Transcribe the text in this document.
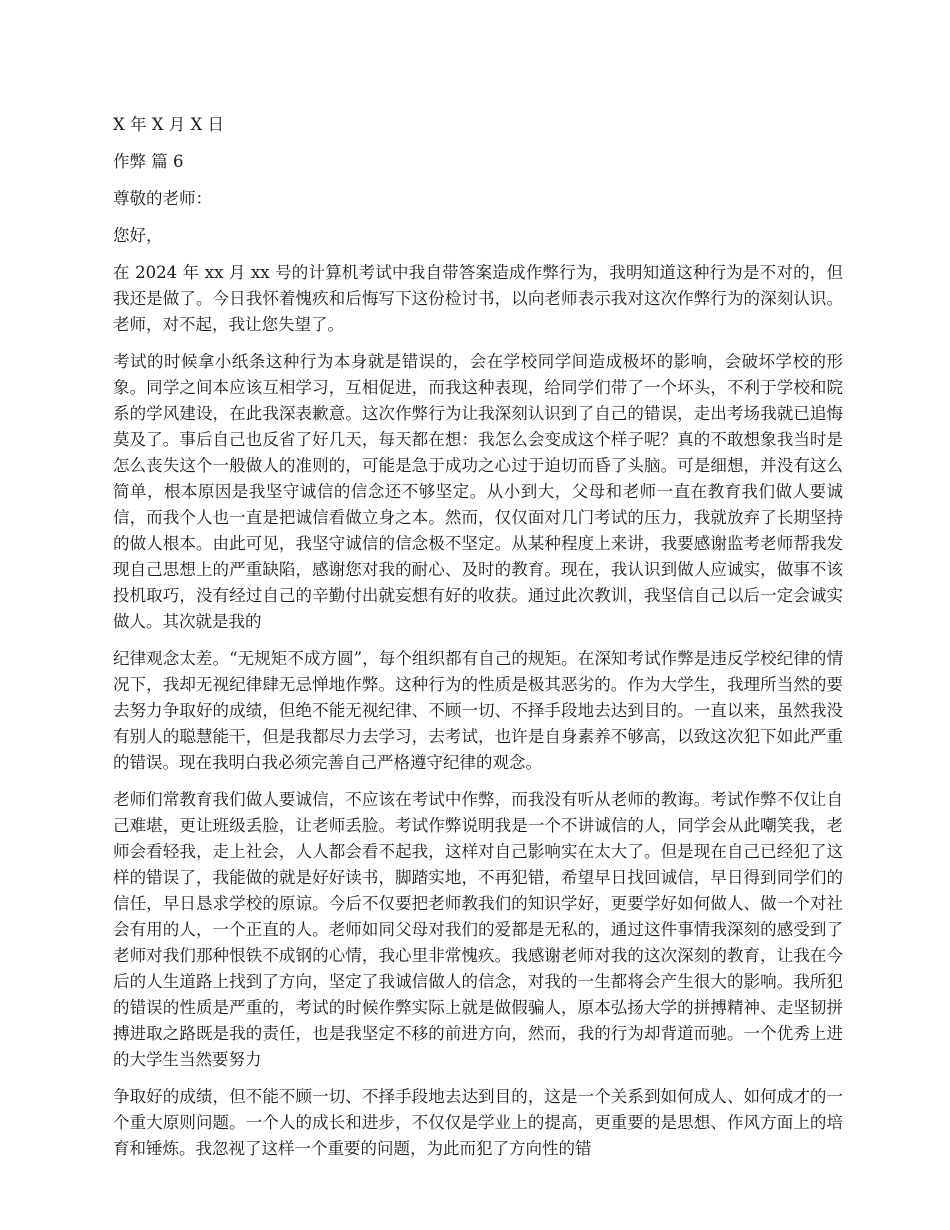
X 年 X 月 X 日
作弊 篇 6
尊敬的老师：
您好，

在 2024 年 xx 月 xx 号的计算机考试中我自带答案造成作弊行为，我明知道这种行为是不对的，但我还是做了。今日我怀着愧疚和后悔写下这份检讨书，以向老师表示我对这次作弊行为的深刻认识。老师，对不起，我让您失望了。

考试的时候拿小纸条这种行为本身就是错误的，会在学校同学间造成极坏的影响，会破坏学校的形象。同学之间本应该互相学习，互相促进，而我这种表现，给同学们带了一个坏头，不利于学校和院系的学风建设，在此我深表歉意。这次作弊行为让我深刻认识到了自己的错误，走出考场我就已追悔莫及了。事后自己也反省了好几天，每天都在想：我怎么会变成这个样子呢？真的不敢想象我当时是怎么丧失这个一般做人的准则的，可能是急于成功之心过于迫切而昏了头脑。可是细想，并没有这么简单，根本原因是我坚守诚信的信念还不够坚定。从小到大，父母和老师一直在教育我们做人要诚信，而我个人也一直是把诚信看做立身之本。然而，仅仅面对几门考试的压力，我就放弃了长期坚持的做人根本。由此可见，我坚守诚信的信念极不坚定。从某种程度上来讲，我要感谢监考老师帮我发现自己思想上的严重缺陷，感谢您对我的耐心、及时的教育。现在，我认识到做人应诚实，做事不该投机取巧，没有经过自己的辛勤付出就妄想有好的收获。通过此次教训，我坚信自己以后一定会诚实做人。其次就是我的

纪律观念太差。“无规矩不成方圆”，每个组织都有自己的规矩。在深知考试作弊是违反学校纪律的情况下，我却无视纪律肆无忌惮地作弊。这种行为的性质是极其恶劣的。作为大学生，我理所当然的要去努力争取好的成绩，但绝不能无视纪律、不顾一切、不择手段地去达到目的。一直以来，虽然我没有别人的聪慧能干，但是我都尽力去学习，去考试，也许是自身素养不够高，以致这次犯下如此严重的错误。现在我明白我必须完善自己严格遵守纪律的观念。

老师们常教育我们做人要诚信，不应该在考试中作弊，而我没有听从老师的教诲。考试作弊不仅让自己难堪，更让班级丢脸，让老师丢脸。考试作弊说明我是一个不讲诚信的人，同学会从此嘲笑我，老师会看轻我，走上社会，人人都会看不起我，这样对自己影响实在太大了。但是现在自己已经犯了这样的错误了，我能做的就是好好读书，脚踏实地，不再犯错，希望早日找回诚信，早日得到同学们的信任，早日恳求学校的原谅。今后不仅要把老师教我们的知识学好，更要学好如何做人、做一个对社会有用的人，一个正直的人。老师如同父母对我们的爱都是无私的，通过这件事情我深刻的感受到了老师对我们那种恨铁不成钢的心情，我心里非常愧疚。我感谢老师对我的这次深刻的教育，让我在今后的人生道路上找到了方向，坚定了我诚信做人的信念，对我的一生都将会产生很大的影响。我所犯的错误的性质是严重的，考试的时候作弊实际上就是做假骗人，原本弘扬大学的拼搏精神、走坚韧拼搏进取之路既是我的责任，也是我坚定不移的前进方向，然而，我的行为却背道而驰。一个优秀上进的大学生当然要努力

争取好的成绩，但不能不顾一切、不择手段地去达到目的，这是一个关系到如何成人、如何成才的一个重大原则问题。一个人的成长和进步，不仅仅是学业上的提高，更重要的是思想、作风方面上的培育和锤炼。我忽视了这样一个重要的问题，为此而犯了方向性的错
